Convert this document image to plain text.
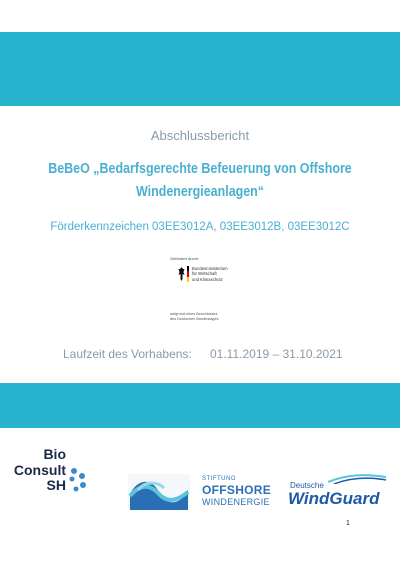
Abschlussbericht
BeBeO „Bedarfsgerechte Befeuerung von Offshore
Windenergieanlagen“
Förderkennzeichen 03EE3012A, 03EE3012B, 03EE3012C
Gefördert durch:
Bundesministerium
für Wirtschaft
und Klimaschutz
aufgrund eines Beschlusses
des Deutschen Bundestages
Laufzeit des Vorhabens: 01.11.2019 – 31.10.2021
Bio
Consult
SH	STIFTUNG
OFFSHORE
WINDENERGIE
Deutsche
WindGuard
1
